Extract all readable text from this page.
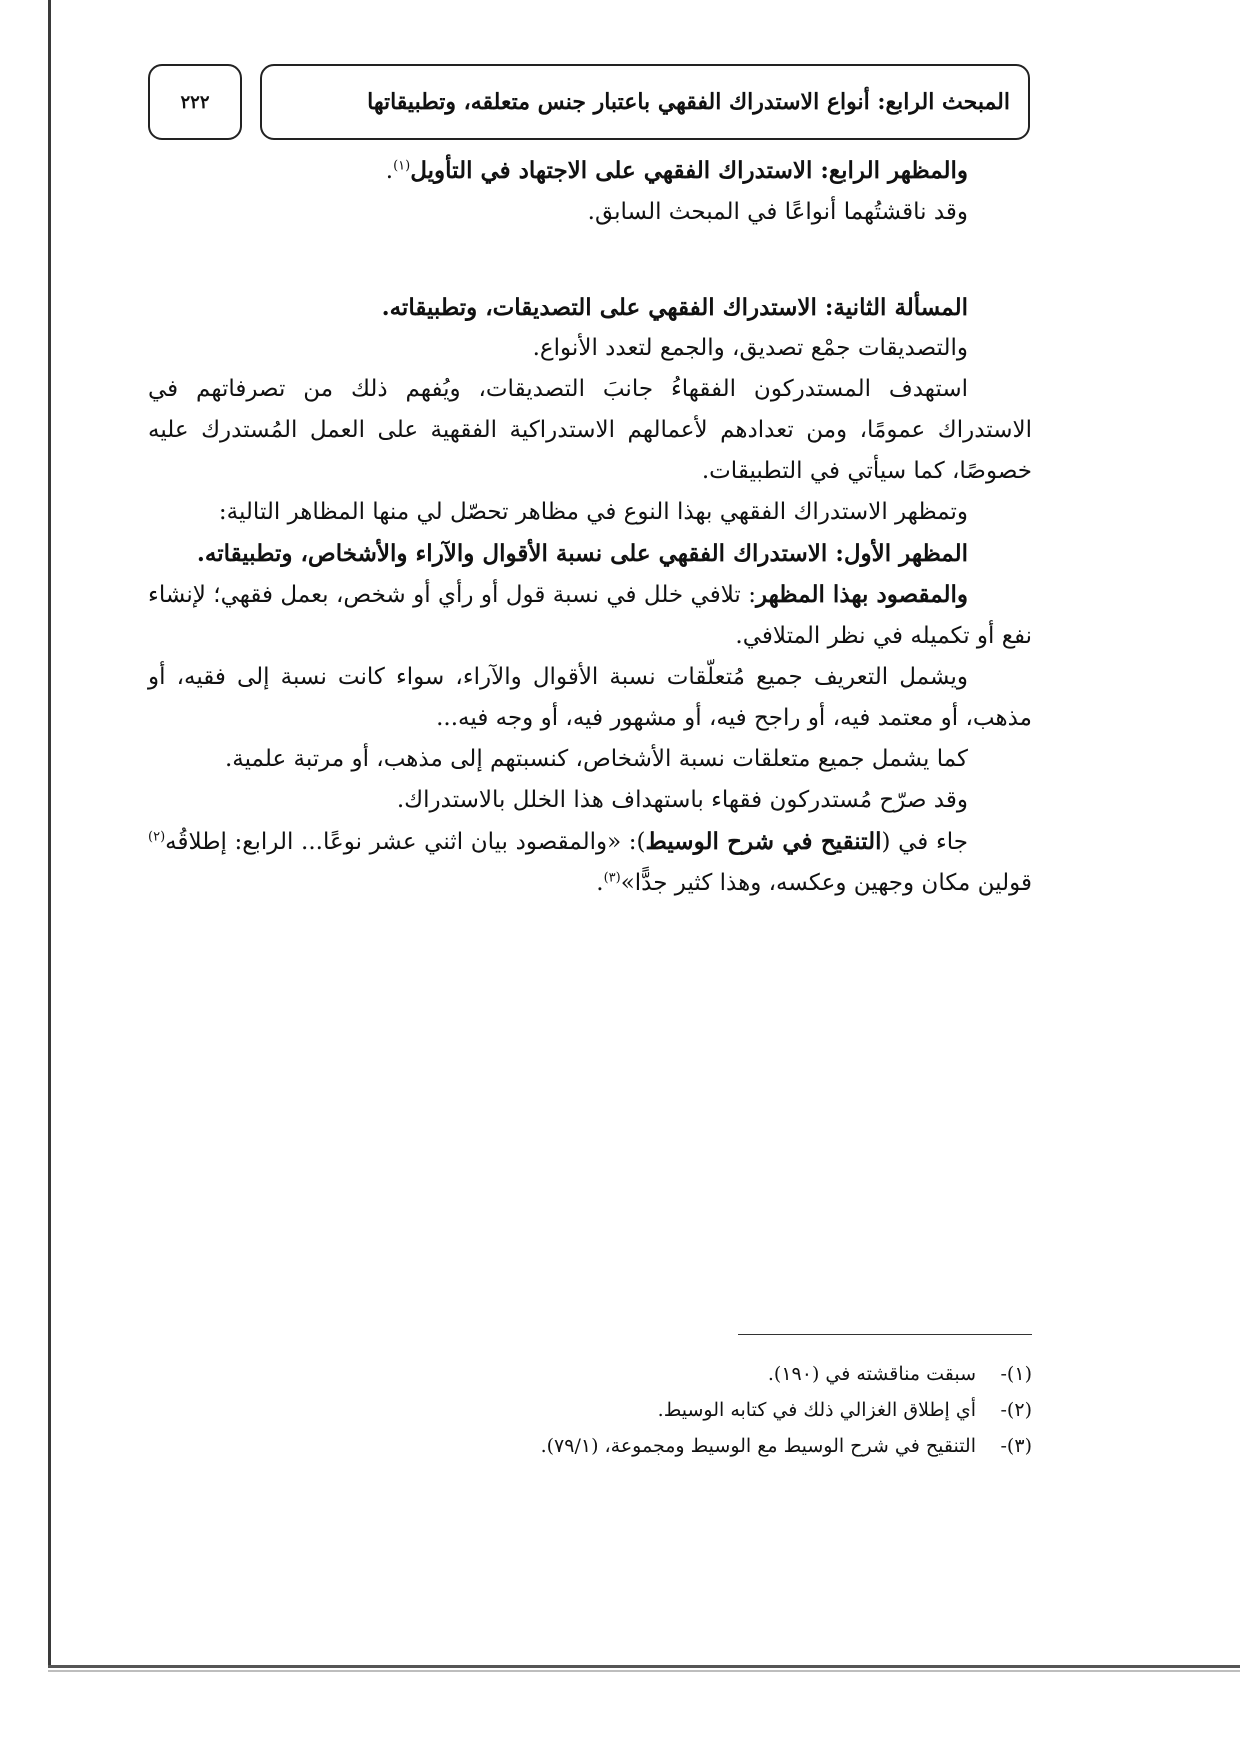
المبحث الرابع: أنواع الاستدراك الفقهي باعتبار جنس متعلقه، وتطبيقاتها
٢٢٢

والمظهر الرابع: الاستدراك الفقهي على الاجتهاد في التأويل$^{(١)}$.

وقد ناقشتُهما أنواعًا في المبحث السابق.

المسألة الثانية: الاستدراك الفقهي على التصديقات، وتطبيقاته.

والتصديقات جمْع تصديق، والجمع لتعدد الأنواع.

استهدف المستدركون الفقهاءُ جانبَ التصديقات، ويُفهم ذلك من تصرفاتهم في الاستدراك عمومًا، ومن تعدادهم لأعمالهم الاستدراكية الفقهية على العمل المُستدرك عليه خصوصًا، كما سيأتي في التطبيقات.

وتمظهر الاستدراك الفقهي بهذا النوع في مظاهر تحصّل لي منها المظاهر التالية:

المظهر الأول: الاستدراك الفقهي على نسبة الأقوال والآراء والأشخاص، وتطبيقاته.

والمقصود بهذا المظهر: تلافي خلل في نسبة قول أو رأي أو شخص، بعمل فقهي؛ لإنشاء نفع أو تكميله في نظر المتلافي.

ويشمل التعريف جميع مُتعلّقات نسبة الأقوال والآراء، سواء كانت نسبة إلى فقيه، أو مذهب، أو معتمد فيه، أو راجح فيه، أو مشهور فيه، أو وجه فيه...

كما يشمل جميع متعلقات نسبة الأشخاص، كنسبتهم إلى مذهب، أو مرتبة علمية.

وقد صرّح مُستدركون فقهاء باستهداف هذا الخلل بالاستدراك.

جاء في (التنقيح في شرح الوسيط): «والمقصود بيان اثني عشر نوعًا... الرابع: إطلاقُه$^{(٢)}$ قولين مكان وجهين وعكسه، وهذا كثير جدًّا»$^{(٣)}$.

(١)-
سبقت مناقشته في (١٩٠).
(٢)-
أي إطلاق الغزالي ذلك في كتابه الوسيط.
(٣)-
التنقيح في شرح الوسيط مع الوسيط ومجموعة، (٧٩/١).
